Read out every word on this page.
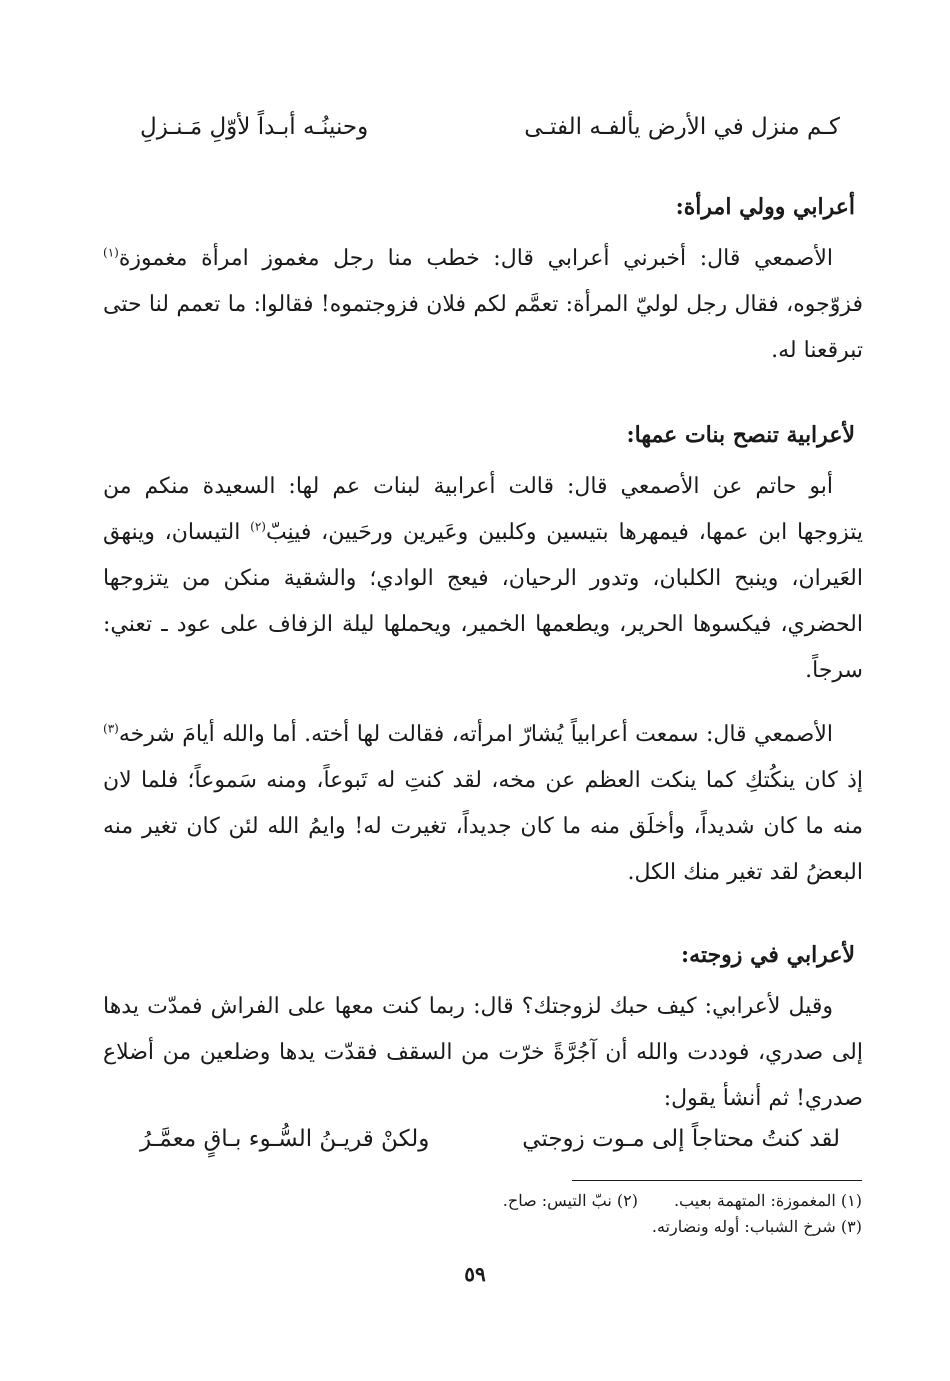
كـم منزل في الأرض يألفـه الفتـى
وحنينُـه أبـداً لأوّلِ مَـنـزلِ
أعرابي وولي امرأة:

الأصمعي قال: أخبرني أعرابي قال: خطب منا رجل مغموز امرأة مغموزة$^{(١)}$ فزوّجوه، فقال رجل لوليّ المرأة: تعمَّم لكم فلان فزوجتموه! فقالوا: ما تعمم لنا حتى تبرقعنا له.

لأعرابية تنصح بنات عمها:

أبو حاتم عن الأصمعي قال: قالت أعرابية لبنات عم لها: السعيدة منكم من يتزوجها ابن عمها، فيمهرها بتيسين وكلبين وعَيرين ورحَيين، فينِبّ$^{(٢)}$ التيسان، وينهق العَيران، وينبح الكلبان، وتدور الرحيان، فيعج الوادي؛ والشقية منكن من يتزوجها الحضري، فيكسوها الحرير، ويطعمها الخمير، ويحملها ليلة الزفاف على عود ـ تعني: سرجاً.

الأصمعي قال: سمعت أعرابياً يُشارّ امرأته، فقالت لها أخته. أما والله أيامَ شرخه$^{(٣)}$ إذ كان ينكُتكِ كما ينكت العظم عن مخه، لقد كنتِ له تَبوعاً، ومنه سَموعاً؛ فلما لان منه ما كان شديداً، وأخلَق منه ما كان جديداً، تغيرت له! وايمُ الله لئن كان تغير منه البعضُ لقد تغير منك الكل.

لأعرابي في زوجته:

وقيل لأعرابي: كيف حبك لزوجتك؟ قال: ربما كنت معها على الفراش فمدّت يدها إلى صدري، فوددت والله أن آجُرَّةً خرّت من السقف فقدّت يدها وضلعين من أضلاع صدري! ثم أنشأ يقول:

لقد كنتُ محتاجاً إلى مـوت زوجتي
ولكنْ قريـنُ السُّـوء بـاقٍ معمَّـرُ
(١) المغموزة: المتهمة بعيب.(٢) نبّ التيس: صاح.
(٣) شرخ الشباب: أوله ونضارته.
٥٩
